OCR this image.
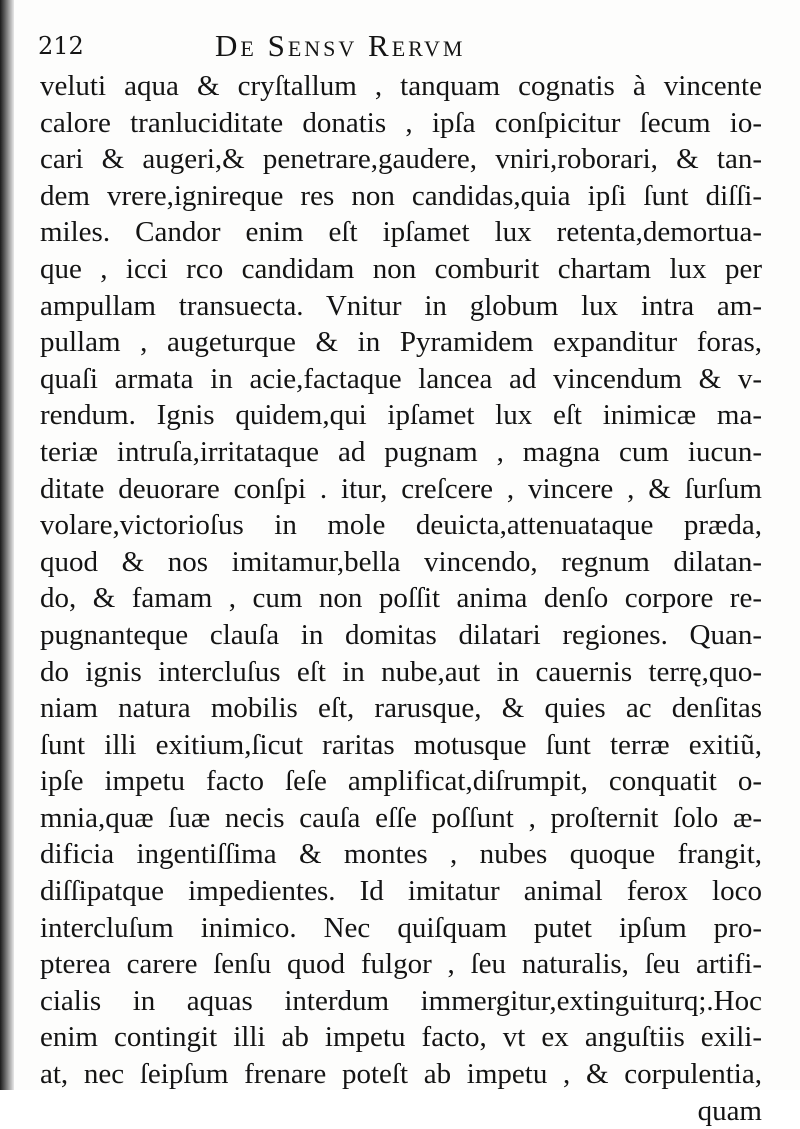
212	De Sensv Rervm
veluti aqua & cryſtallum , tanquam cognatis à vincente
calore tranluciditate donatis , ipſa conſpicitur ſecum io-
cari & augeri,& penetrare,gaudere, vniri,roborari, & tan-
dem vrere,ignireque res non candidas,quia ipſi ſunt diſſi-
miles. Candor enim eſt ipſamet lux retenta,demortua-
que , icci rco candidam non comburit chartam lux per
ampullam transuecta. Vnitur in globum lux intra am-
pullam , augeturque & in Pyramidem expanditur foras,
quaſi armata in acie,factaque lancea ad vincendum & v-
rendum. Ignis quidem,qui ipſamet lux eſt inimicæ ma-
teriæ intruſa,irritataque ad pugnam , magna cum iucun-
ditate deuorare conſpi . itur, creſcere , vincere , & ſurſum
volare,victorioſus in mole deuicta,attenuataque præda,
quod & nos imitamur,bella vincendo, regnum dilatan-
do, & famam , cum non poſſit anima denſo corpore re-
pugnanteque clauſa in domitas dilatari regiones. Quan-
do ignis intercluſus eſt in nube,aut in cauernis terrę,quo-
niam natura mobilis eſt, rarusque, & quies ac denſitas
ſunt illi exitium,ſicut raritas motusque ſunt terræ exitiũ,
ipſe impetu facto ſeſe amplificat,diſrumpit, conquatit o-
mnia,quæ ſuæ necis cauſa eſſe poſſunt , proſternit ſolo æ-
dificia ingentiſſima & montes , nubes quoque frangit,
diſſipatque impedientes. Id imitatur animal ferox loco
intercluſum inimico. Nec quiſquam putet ipſum pro-
pterea carere ſenſu quod fulgor , ſeu naturalis, ſeu artifi-
cialis in aquas interdum immergitur,extinguiturq;.Hoc
enim contingit illi ab impetu facto, vt ex anguſtiis exili-
at, nec ſeipſum frenare poteſt ab impetu , & corpulentia,
quam
